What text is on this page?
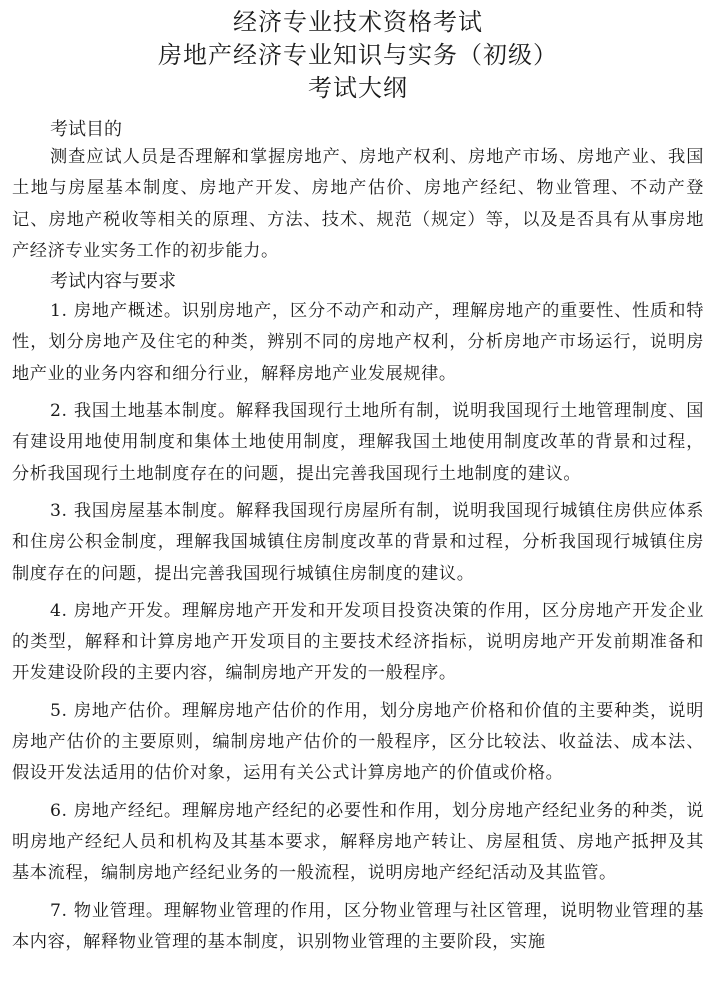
经济专业技术资格考试
房地产经济专业知识与实务（初级）
考试大纲
考试目的

测查应试人员是否理解和掌握房地产、房地产权利、房地产市场、房地产业、我国土地与房屋基本制度、房地产开发、房地产估价、房地产经纪、物业管理、不动产登记、房地产税收等相关的原理、方法、技术、规范（规定）等，以及是否具有从事房地产经济专业实务工作的初步能力。

考试内容与要求

1. 房地产概述。识别房地产，区分不动产和动产，理解房地产的重要性、性质和特性，划分房地产及住宅的种类，辨别不同的房地产权利，分析房地产市场运行，说明房地产业的业务内容和细分行业，解释房地产业发展规律。

2. 我国土地基本制度。解释我国现行土地所有制，说明我国现行土地管理制度、国有建设用地使用制度和集体土地使用制度，理解我国土地使用制度改革的背景和过程，分析我国现行土地制度存在的问题，提出完善我国现行土地制度的建议。

3. 我国房屋基本制度。解释我国现行房屋所有制，说明我国现行城镇住房供应体系和住房公积金制度，理解我国城镇住房制度改革的背景和过程，分析我国现行城镇住房制度存在的问题，提出完善我国现行城镇住房制度的建议。

4. 房地产开发。理解房地产开发和开发项目投资决策的作用，区分房地产开发企业的类型，解释和计算房地产开发项目的主要技术经济指标，说明房地产开发前期准备和开发建设阶段的主要内容，编制房地产开发的一般程序。

5. 房地产估价。理解房地产估价的作用，划分房地产价格和价值的主要种类，说明房地产估价的主要原则，编制房地产估价的一般程序，区分比较法、收益法、成本法、假设开发法适用的估价对象，运用有关公式计算房地产的价值或价格。

6. 房地产经纪。理解房地产经纪的必要性和作用，划分房地产经纪业务的种类，说明房地产经纪人员和机构及其基本要求，解释房地产转让、房屋租赁、房地产抵押及其基本流程，编制房地产经纪业务的一般流程，说明房地产经纪活动及其监管。

7. 物业管理。理解物业管理的作用，区分物业管理与社区管理，说明物业管理的基本内容，解释物业管理的基本制度，识别物业管理的主要阶段，实施
